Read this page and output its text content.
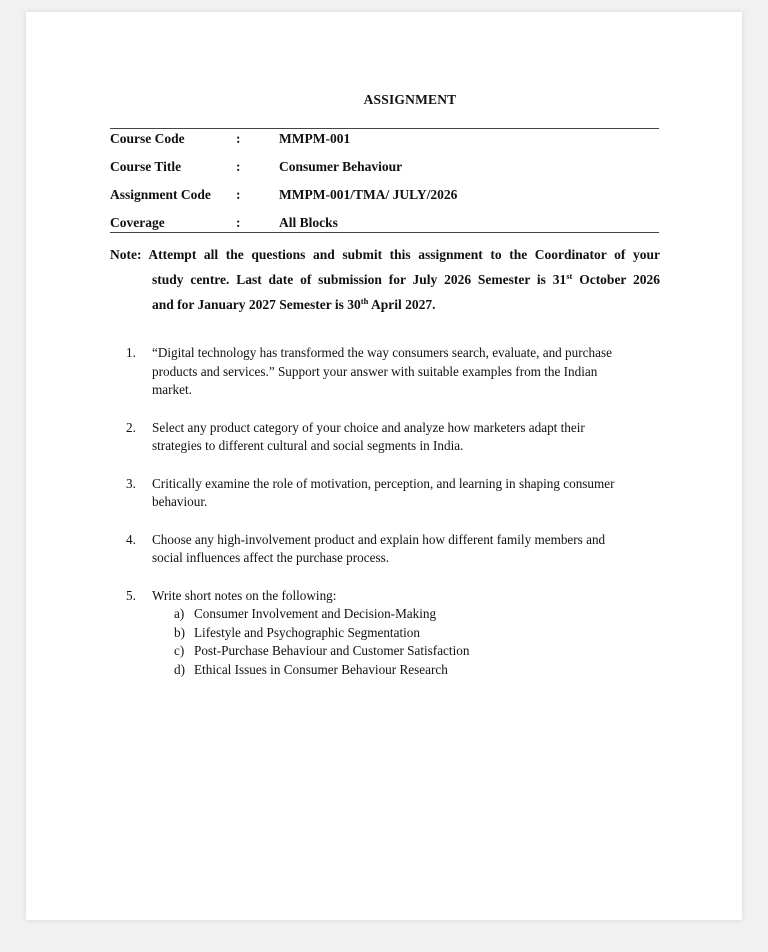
ASSIGNMENT
Course Code	:	MMPM-001
Course Title	:	Consumer Behaviour
Assignment Code :	MMPM-001/TMA/ JULY/2026
Coverage	:	All Blocks
Note: Attempt all the questions and submit this assignment to the Coordinator of your
study centre. Last date of submission for July 2026 Semester is 31st October 2026
and for January 2027 Semester is 30th April 2027.
1. “Digital technology has transformed the way consumers search, evaluate, and purchase
products and services.” Support your answer with suitable examples from the Indian
market.
2. Select any product category of your choice and analyze how marketers adapt their
strategies to different cultural and social segments in India.
3. Critically examine the role of motivation, perception, and learning in shaping consumer
behaviour.
4. Choose any high-involvement product and explain how different family members and
social influences affect the purchase process.
5. Write short notes on the following:
a) Consumer Involvement and Decision-Making
b) Lifestyle and Psychographic Segmentation
c) Post-Purchase Behaviour and Customer Satisfaction
d) Ethical Issues in Consumer Behaviour Research
